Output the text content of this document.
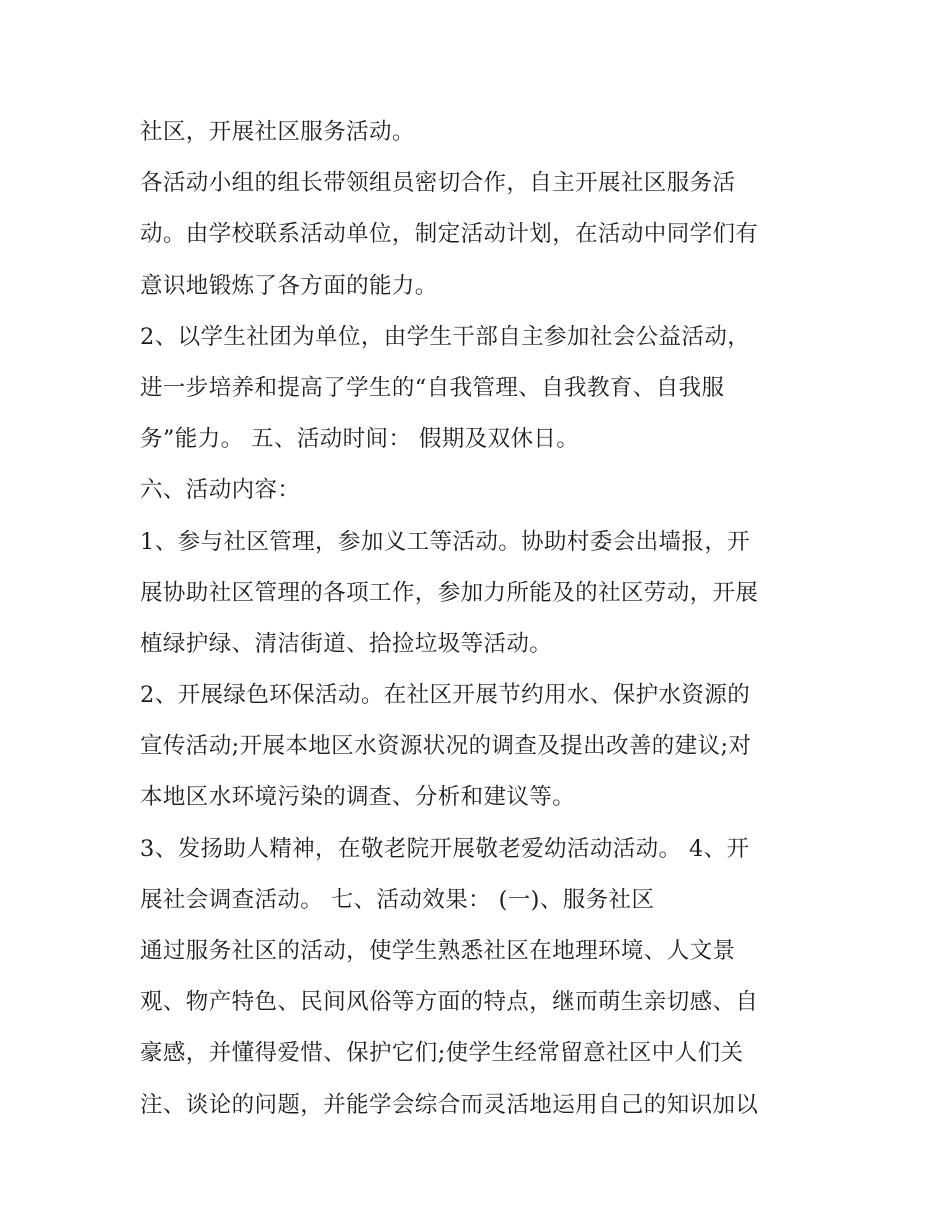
社区，开展社区服务活动。
各活动小组的组长带领组员密切合作，自主开展社区服务活
动。由学校联系活动单位，制定活动计划，在活动中同学们有
意识地锻炼了各方面的能力。
2、以学生社团为单位，由学生干部自主参加社会公益活动，
进一步培养和提高了学生的“自我管理、自我教育、自我服
务”能力。 五、活动时间： 假期及双休日。
六、活动内容：
1、参与社区管理，参加义工等活动。协助村委会出墙报，开
展协助社区管理的各项工作，参加力所能及的社区劳动，开展
植绿护绿、清洁街道、拾捡垃圾等活动。
2、开展绿色环保活动。在社区开展节约用水、保护水资源的
宣传活动;开展本地区水资源状况的调查及提出改善的建议;对
本地区水环境污染的调查、分析和建议等。
3、发扬助人精神，在敬老院开展敬老爱幼活动活动。 4、开
展社会调查活动。 七、活动效果： (一)、服务社区
通过服务社区的活动，使学生熟悉社区在地理环境、人文景
观、物产特色、民间风俗等方面的特点，继而萌生亲切感、自
豪感，并懂得爱惜、保护它们;使学生经常留意社区中人们关
注、谈论的问题，并能学会综合而灵活地运用自己的知识加以
